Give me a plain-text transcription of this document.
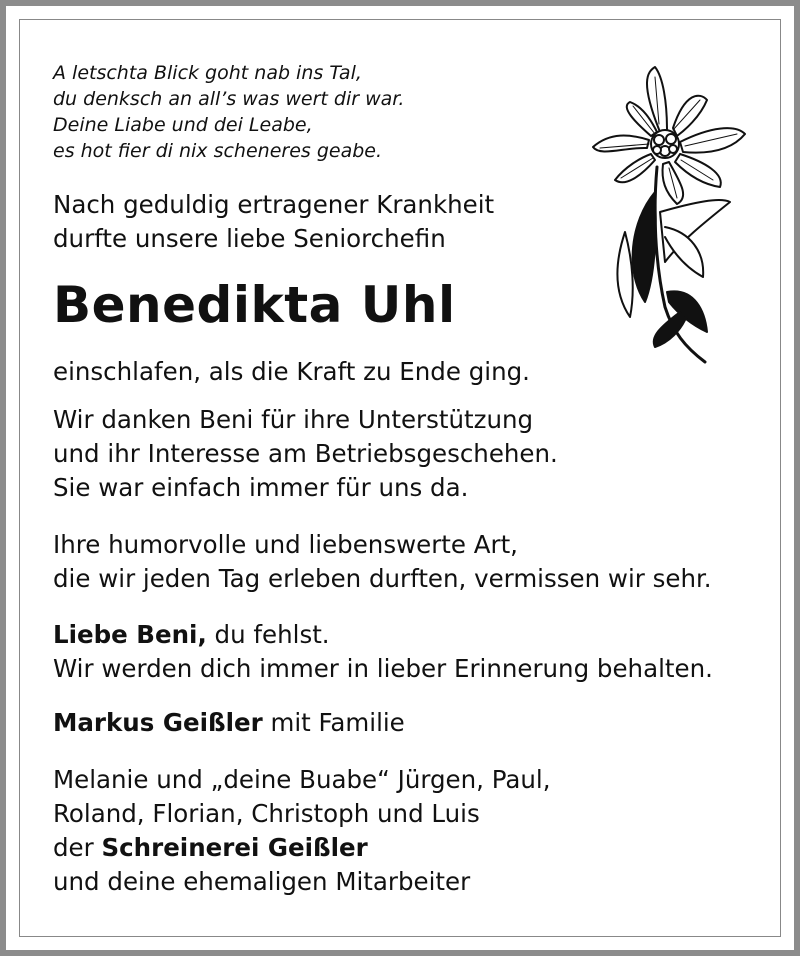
A letschta Blick goht nab ins Tal,
du denksch an all’s was wert dir war.
Deine Liabe und dei Leabe,
es hot fier di nix scheneres geabe.
Nach geduldig ertragener Krankheit
durfte unsere liebe Seniorchefin
Benedikta Uhl
einschlafen, als die Kraft zu Ende ging.
Wir danken Beni für ihre Unterstützung
und ihr Interesse am Betriebsgeschehen.
Sie war einfach immer für uns da.
Ihre humorvolle und liebenswerte Art,
die wir jeden Tag erleben durften, vermissen wir sehr.
Liebe Beni, du fehlst.
Wir werden dich immer in lieber Erinnerung behalten.
Markus Geißler mit Familie
Melanie und „deine Buabe“ Jürgen, Paul,
Roland, Florian, Christoph und Luis
der Schreinerei Geißler
und deine ehemaligen Mitarbeiter
